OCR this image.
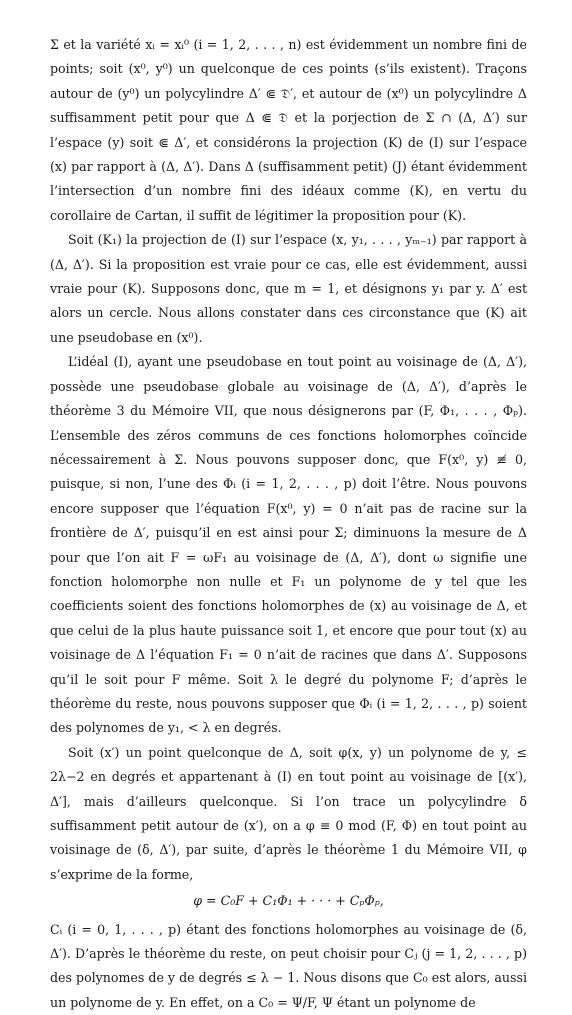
Σ et la variété xᵢ = xᵢ⁰ (i = 1, 2, . . . , n) est évidemment un nombre fini de points; soit (x⁰, y⁰) un quelconque de ces points (s’ils existent). Traçons autour de (y⁰) un polycylindre Δ′ ⋐ 𝔇′, et autour de (x⁰) un polycylindre Δ suffisamment petit pour que Δ ⋐ 𝔇 et la porjection de Σ ∩ (Δ, Δ′) sur l’espace (y) soit ⋐ Δ′, et considérons la projection (K) de (I) sur l’espace (x) par rapport à (Δ, Δ′). Dans Δ (suffisamment petit) (J) étant évidemment l’intersection d’un nombre fini des idéaux comme (K), en vertu du corollaire de Cartan, il suffit de légitimer la proposition pour (K).

Soit (K₁) la projection de (I) sur l’espace (x, y₁, . . . , yₘ₋₁) par rapport à (Δ, Δ′). Si la proposition est vraie pour ce cas, elle est évidemment, aussi vraie pour (K). Supposons donc, que m = 1, et désignons y₁ par y. Δ′ est alors un cercle. Nous allons constater dans ces circonstance que (K) ait une pseudobase en (x⁰).

L’idéal (I), ayant une pseudobase en tout point au voisinage de (Δ, Δ′), possède une pseudobase globale au voisinage de (Δ, Δ′), d’après le théorème 3 du Mémoire VII, que nous désignerons par (F, Φ₁, . . . , Φₚ). L’ensemble des zéros communs de ces fonctions holomorphes coïncide nécessairement à Σ. Nous pouvons supposer donc, que F(x⁰, y) ≢ 0, puisque, si non, l’une des Φᵢ (i = 1, 2, . . . , p) doit l’être. Nous pouvons encore supposer que l’équation F(x⁰, y) = 0 n’ait pas de racine sur la frontière de Δ′, puisqu’il en est ainsi pour Σ; diminuons la mesure de Δ pour que l’on ait F = ωF₁ au voisinage de (Δ, Δ′), dont ω signifie une fonction holomorphe non nulle et F₁ un polynome de y tel que les coefficients soient des fonctions holomorphes de (x) au voisinage de Δ, et que celui de la plus haute puissance soit 1, et encore que pour tout (x) au voisinage de Δ l’équation F₁ = 0 n’ait de racines que dans Δ′. Supposons qu’il le soit pour F même. Soit λ le degré du polynome F; d’après le théorème du reste, nous pouvons supposer que Φᵢ (i = 1, 2, . . . , p) soient des polynomes de y₁, < λ en degrés.

Soit (x′) un point quelconque de Δ, soit φ(x, y) un polynome de y, ≤ 2λ−2 en degrés et appartenant à (I) en tout point au voisinage de [(x′), Δ′], mais d’ailleurs quelconque. Si l’on trace un polycylindre δ suffisamment petit autour de (x′), on a φ ≡ 0 mod (F, Φ) en tout point au voisinage de (δ, Δ′), par suite, d’après le théorème 1 du Mémoire VII, φ s’exprime de la forme,

φ = C₀F + C₁Φ₁ + · · · + CₚΦₚ,

Cᵢ (i = 0, 1, . . . , p) étant des fonctions holomorphes au voisinage de (δ, Δ′). D’après le théorème du reste, on peut choisir pour Cⱼ (j = 1, 2, . . . , p) des polynomes de y de degrés ≤ λ − 1. Nous disons que C₀ est alors, aussi un polynome de y. En effet, on a C₀ = Ψ/F, Ψ étant un polynome de
